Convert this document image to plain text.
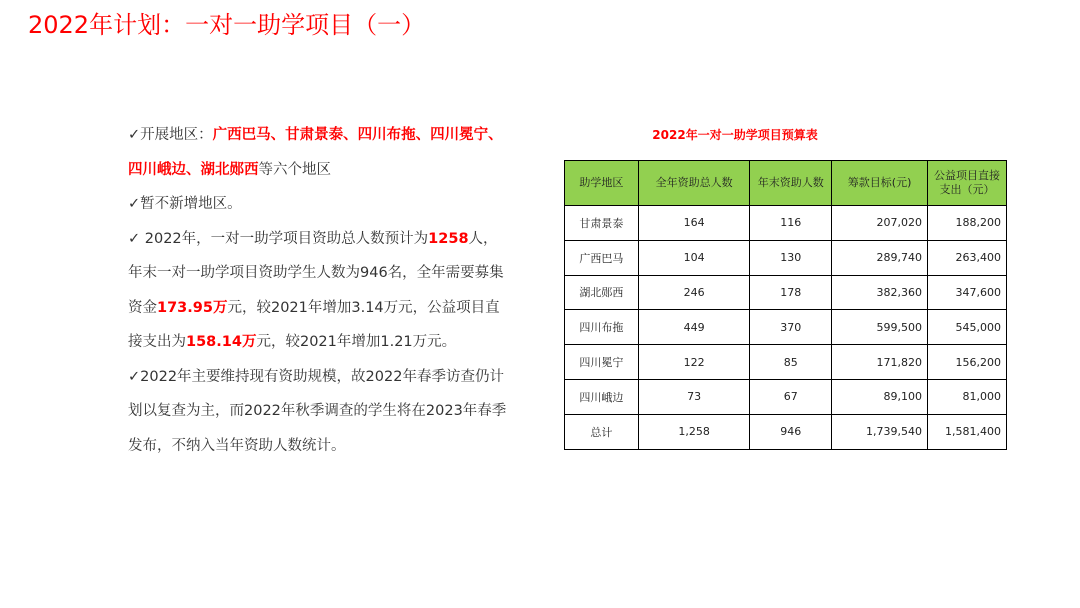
2022年计划：一对一助学项目（一）

✓开展地区：广西巴马、甘肃景泰、四川布拖、四川冕宁、四川峨边、湖北郧西等六个地区

✓暂不新增地区。

✓ 2022年，一对一助学项目资助总人数预计为1258人，年末一对一助学项目资助学生人数为946名，全年需要募集资金173.95万元，较2021年增加3.14万元，公益项目直接支出为158.14万元，较2021年增加1.21万元。

✓2022年主要维持现有资助规模，故2022年春季访查仍计划以复查为主，而2022年秋季调查的学生将在2023年春季发布，不纳入当年资助人数统计。

2022年一对一助学项目预算表
助学地区	全年资助总人数	年末资助人数	筹款目标(元)	公益项目直接支出（元）
甘肃景泰	164	116	207,020	188,200
广西巴马	104	130	289,740	263,400
湖北郧西	246	178	382,360	347,600
四川布拖	449	370	599,500	545,000
四川冕宁	122	85	171,820	156,200
四川峨边	73	67	89,100	81,000
总计	1,258	946	1,739,540	1,581,400
